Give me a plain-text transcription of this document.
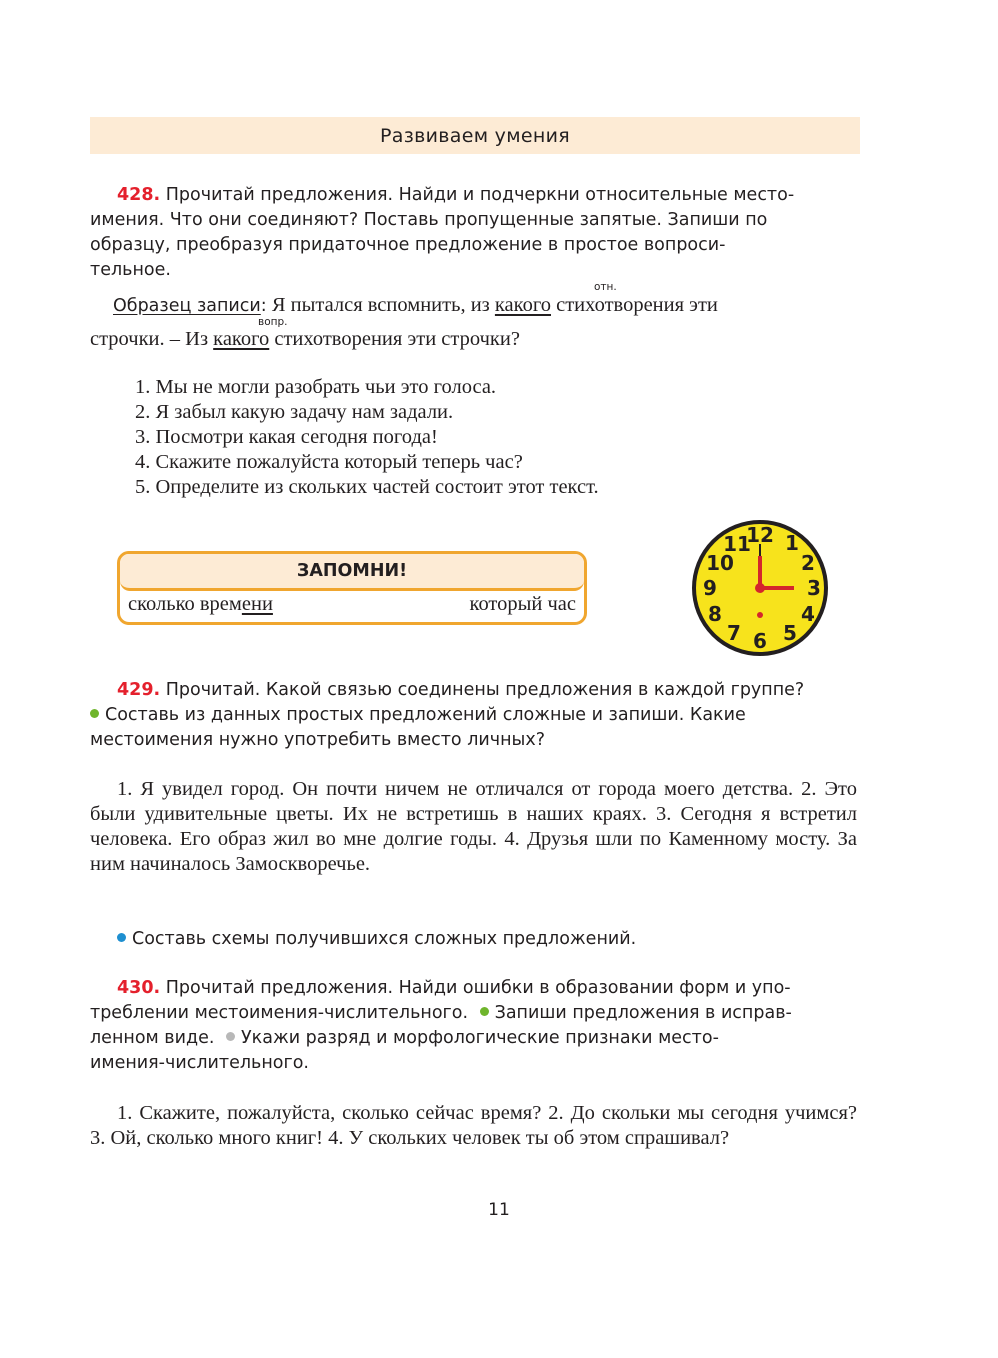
Развиваем умения
428. Прочитай предложения. Найди и подчеркни относительные место-
имения. Что они соединяют? Поставь пропущенные запятые. Запиши по
образцу, преобразуя придаточное предложение в простое вопроси-
тельное.
отн.
Образец записи: Я пытался вспомнить, из какого стихотворения эти
вопр.
строчки. – Из какого стихотворения эти строчки?
1. Мы не могли разобрать чьи это голоса.
2. Я забыл какую задачу нам задали.
3. Посмотри какая сегодня погода!
4. Скажите пожалуйста который теперь час?
5. Определите из скольких частей состоит этот текст.
ЗАПОМНИ!
сколько времени	который час
12 1
2
3
4
5
6
7
8
9
10
11
429. Прочитай. Какой связью соединены предложения в каждой группе?
Составь из данных простых предложений сложные и запиши. Какие
местоимения нужно употребить вместо личных?
1. Я увидел город. Он почти ничем не отличался от города моего детства. 2. Это были удивительные цветы. Их не встретишь в наших краях. 3. Сегодня я встретил человека. Его образ жил во мне долгие годы. 4. Друзья шли по Каменному мосту. За ним начиналось Замоскворечье.
Составь схемы получившихся сложных предложений.
430. Прочитай предложения. Найди ошибки в образовании форм и упо-
треблении местоимения-числительного. Запиши предложения в исправ-
ленном виде. Укажи разряд и морфологические признаки место-
имения-числительного.
1. Скажите, пожалуйста, сколько сейчас время? 2. До скольки мы сегодня учимся? 3. Ой, сколько много книг! 4. У скольких человек ты об этом спрашивал?
11
